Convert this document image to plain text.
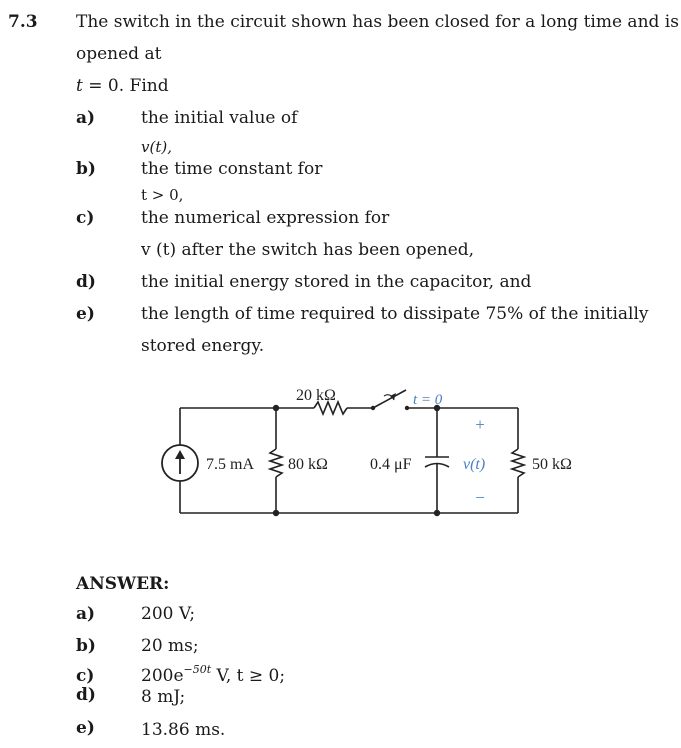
7.3 The switch in the circuit shown has been closed for a long time and is
opened at
t = 0. Find
a)	the initial value of
v(t),
b)	the time constant for
t > 0,
c)	the numerical expression for
v (t) after the switch has been opened,
d)	the initial energy stored in the capacitor, and
e)	the length of time required to dissipate 75% of the initially
stored energy.
20 kΩ	t = 0
7.5 mA 80 kΩ	0.4 μF
+
v(t)
−
50 kΩ
ANSWER:
a)	200 V;
b)	20 ms;
c)	$200e^{-50t}$ V, t ≥ 0;
d)	8 mJ;
e)	13.86 ms.
